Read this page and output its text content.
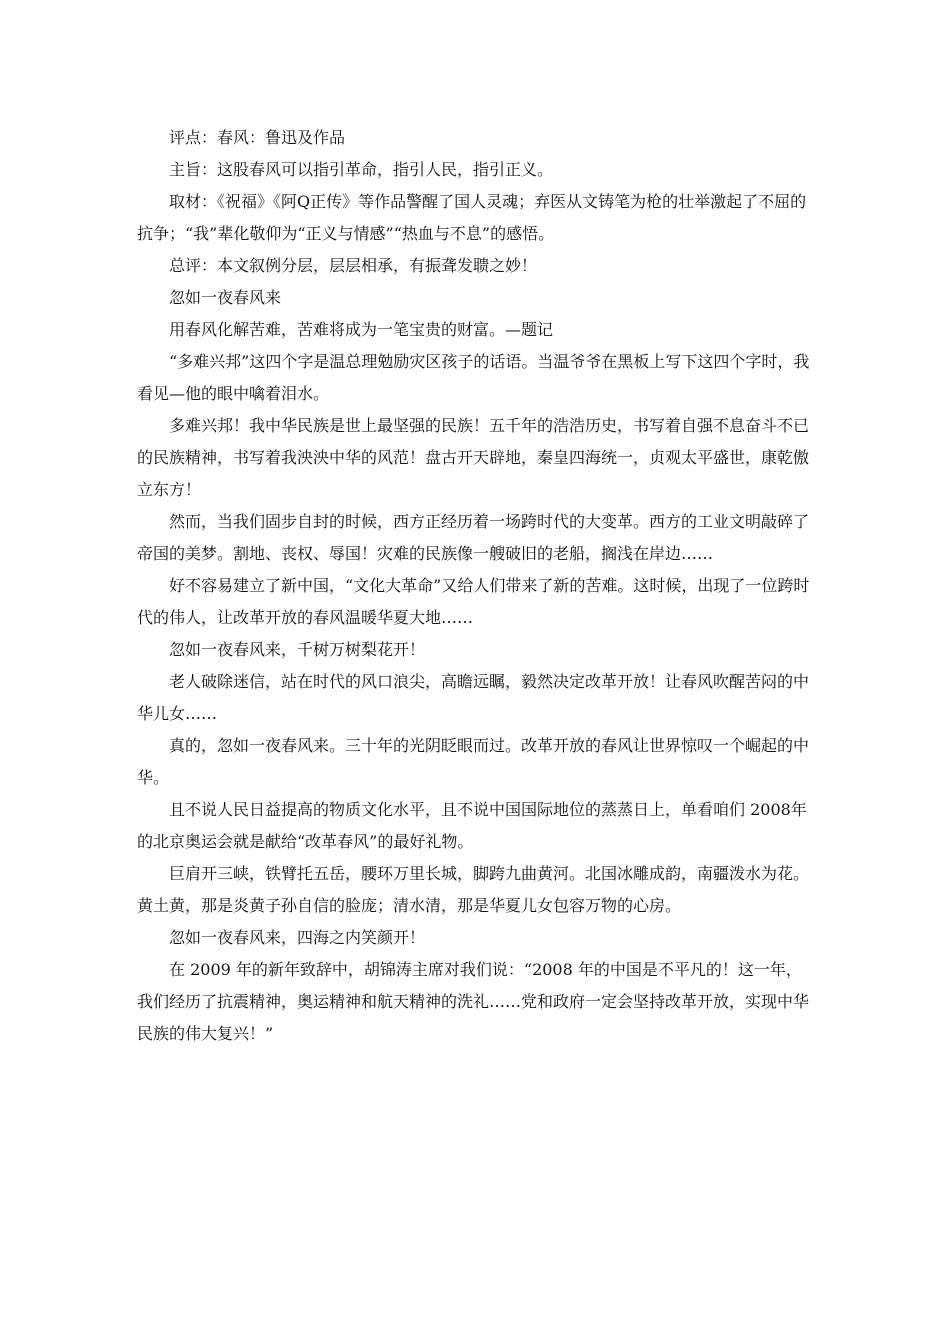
评点：春风：鲁迅及作品

主旨：这股春风可以指引革命，指引人民，指引正义。

取材：《祝福》《阿Q正传》等作品警醒了国人灵魂；弃医从文铸笔为枪的壮举激起了不屈的抗争；“我”辈化敬仰为“正义与情感”“热血与不息”的感悟。

总评：本文叙例分层，层层相承，有振聋发聩之妙！

忽如一夜春风来

用春风化解苦难，苦难将成为一笔宝贵的财富。—题记

“多难兴邦”这四个字是温总理勉励灾区孩子的话语。当温爷爷在黑板上写下这四个字时，我看见—他的眼中噙着泪水。

多难兴邦！我中华民族是世上最坚强的民族！五千年的浩浩历史，书写着自强不息奋斗不已的民族精神，书写着我泱泱中华的风范！盘古开天辟地，秦皇四海统一，贞观太平盛世，康乾傲立东方！

然而，当我们固步自封的时候，西方正经历着一场跨时代的大变革。西方的工业文明敲碎了帝国的美梦。割地、丧权、辱国！灾难的民族像一艘破旧的老船，搁浅在岸边……

好不容易建立了新中国，“文化大革命”又给人们带来了新的苦难。这时候，出现了一位跨时代的伟人，让改革开放的春风温暖华夏大地……

忽如一夜春风来，千树万树梨花开！

老人破除迷信，站在时代的风口浪尖，高瞻远瞩，毅然决定改革开放！让春风吹醒苦闷的中华儿女……

真的，忽如一夜春风来。三十年的光阴眨眼而过。改革开放的春风让世界惊叹一个崛起的中华。

且不说人民日益提高的物质文化水平，且不说中国国际地位的蒸蒸日上，单看咱们 2008年的北京奥运会就是献给“改革春风”的最好礼物。

巨肩开三峡，铁臂托五岳，腰环万里长城，脚跨九曲黄河。北国冰雕成韵，南疆泼水为花。黄土黄，那是炎黄子孙自信的脸庞；清水清，那是华夏儿女包容万物的心房。

忽如一夜春风来，四海之内笑颜开！

在 2009 年的新年致辞中，胡锦涛主席对我们说：“2008 年的中国是不平凡的！这一年，我们经历了抗震精神，奥运精神和航天精神的洗礼……党和政府一定会坚持改革开放，实现中华民族的伟大复兴！”
